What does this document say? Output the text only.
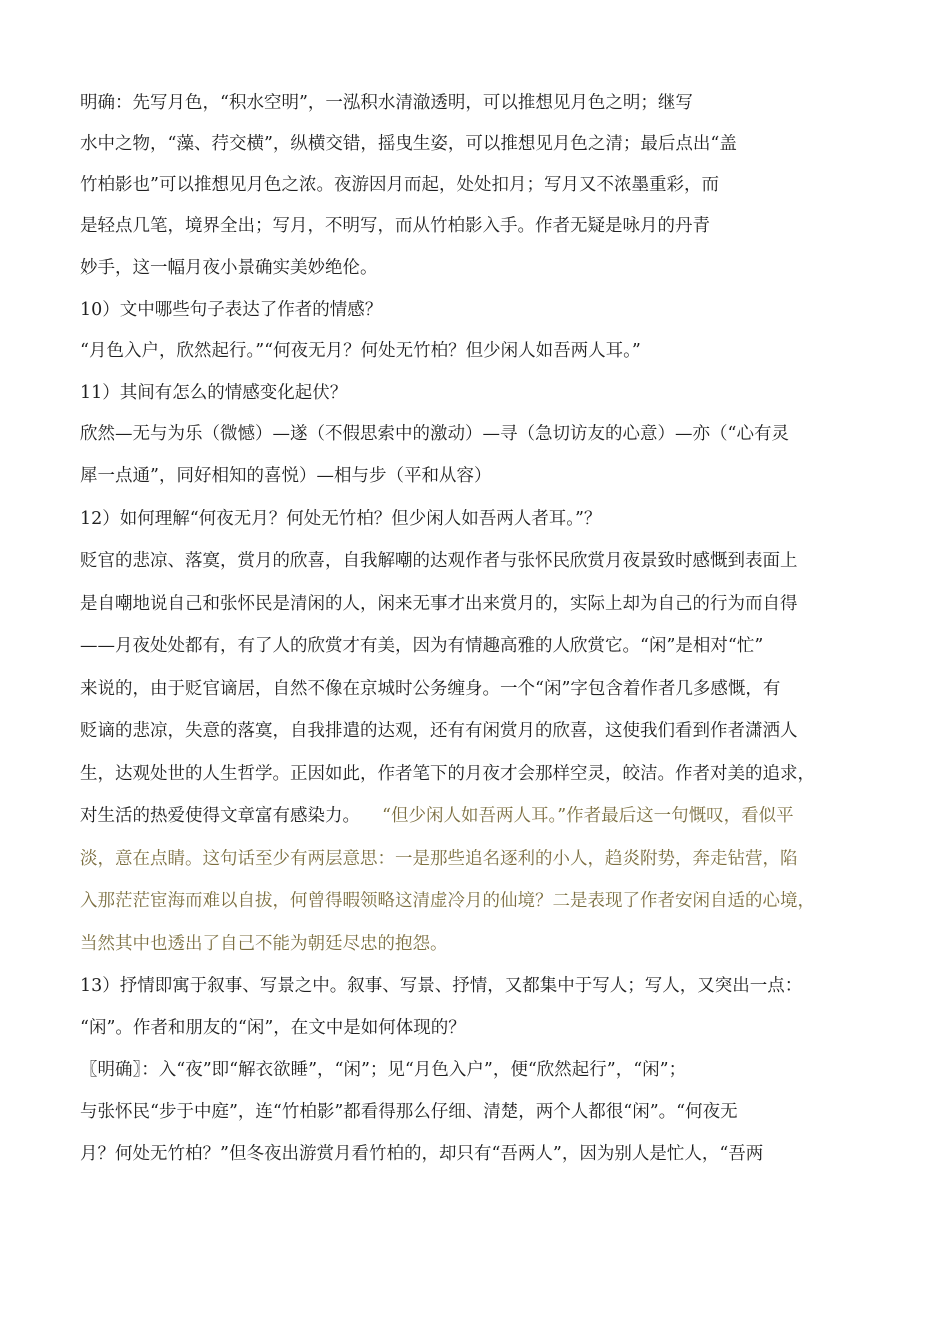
明确：先写月色，“积水空明”，一泓积水清澈透明，可以推想见月色之明；继写
水中之物，“藻、荇交横”，纵横交错，摇曳生姿，可以推想见月色之清；最后点出“盖
竹柏影也”可以推想见月色之浓。夜游因月而起，处处扣月；写月又不浓墨重彩，而
是轻点几笔，境界全出；写月，不明写，而从竹柏影入手。作者无疑是咏月的丹青
妙手，这一幅月夜小景确实美妙绝伦。
10）文中哪些句子表达了作者的情感？
“月色入户，欣然起行。”“何夜无月？何处无竹柏？但少闲人如吾两人耳。”
11）其间有怎么的情感变化起伏？
欣然—无与为乐（微憾）—遂（不假思索中的激动）—寻（急切访友的心意）—亦（“心有灵
犀一点通”，同好相知的喜悦）—相与步（平和从容）
12）如何理解“何夜无月？何处无竹柏？但少闲人如吾两人者耳。”？
贬官的悲凉、落寞，赏月的欣喜，自我解嘲的达观作者与张怀民欣赏月夜景致时感慨到表面上
是自嘲地说自己和张怀民是清闲的人，闲来无事才出来赏月的，实际上却为自己的行为而自得
——月夜处处都有，有了人的欣赏才有美，因为有情趣高雅的人欣赏它。“闲”是相对“忙”
来说的，由于贬官谪居，自然不像在京城时公务缠身。一个“闲”字包含着作者几多感慨，有
贬谪的悲凉，失意的落寞，自我排遣的达观，还有有闲赏月的欣喜，这使我们看到作者潇洒人
生，达观处世的人生哲学。正因如此，作者笔下的月夜才会那样空灵，皎洁。作者对美的追求，
对生活的热爱使得文章富有感染力。 “但少闲人如吾两人耳。”作者最后这一句慨叹，看似平
淡，意在点睛。这句话至少有两层意思：一是那些追名逐利的小人，趋炎附势，奔走钻营，陷
入那茫茫宦海而难以自拔，何曾得暇领略这清虚冷月的仙境？二是表现了作者安闲自适的心境，
当然其中也透出了自己不能为朝廷尽忠的抱怨。
13）抒情即寓于叙事、写景之中。叙事、写景、抒情，又都集中于写人；写人，又突出一点：
“闲”。作者和朋友的“闲”，在文中是如何体现的？
〖明确〗：入“夜”即“解衣欲睡”，“闲”；见“月色入户”，便“欣然起行”，“闲”；
与张怀民“步于中庭”，连“竹柏影”都看得那么仔细、清楚，两个人都很“闲”。“何夜无
月？何处无竹柏？”但冬夜出游赏月看竹柏的，却只有“吾两人”，因为别人是忙人，“吾两
